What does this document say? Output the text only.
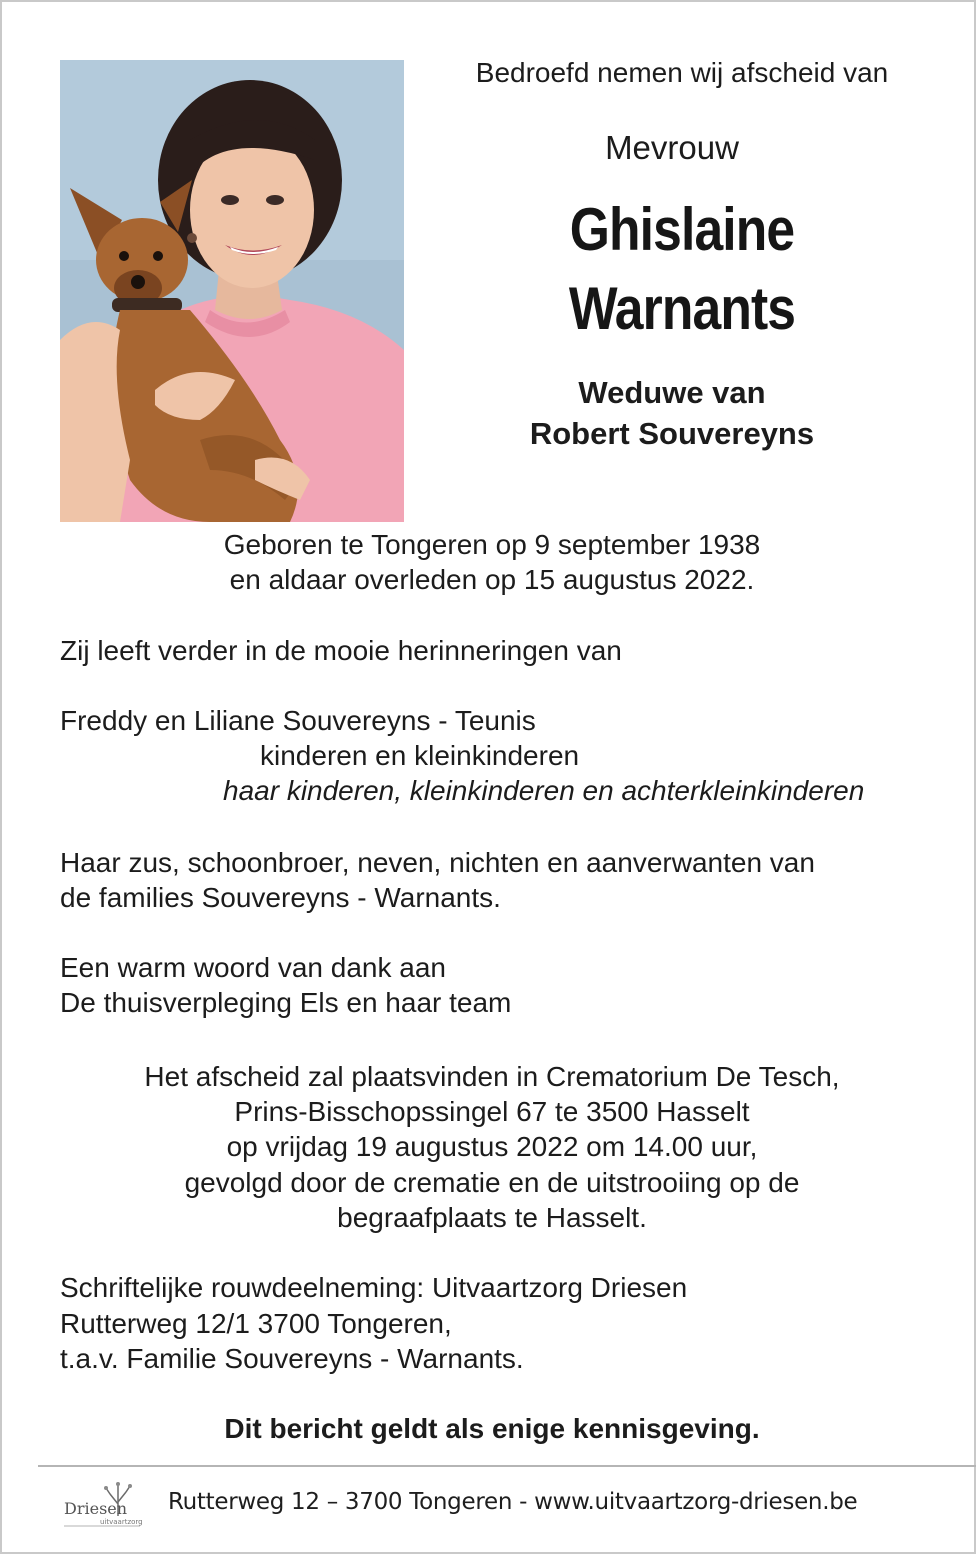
Bedroefd nemen wij afscheid van
Mevrouw
Ghislaine
Warnants
Weduwe van
Robert Souvereyns
Geboren te Tongeren op 9 september 1938
en aldaar overleden op 15 augustus 2022.
Zij leeft verder in de mooie herinneringen van
Freddy en Liliane Souvereyns - Teunis
kinderen en kleinkinderen
haar kinderen, kleinkinderen en achterkleinkinderen
Haar zus, schoonbroer, neven, nichten en aanverwanten van
de families Souvereyns - Warnants.
Een warm woord van dank aan
De thuisverpleging Els en haar team
Het afscheid zal plaatsvinden in Crematorium De Tesch,
Prins-Bisschopssingel 67 te 3500 Hasselt
op vrijdag 19 augustus 2022 om 14.00 uur,
gevolgd door de crematie en de uitstrooiing op de
begraafplaats te Hasselt.
Schriftelijke rouwdeelneming: Uitvaartzorg Driesen
Rutterweg 12/1 3700 Tongeren,
t.a.v. Familie Souvereyns - Warnants.
Dit bericht geldt als enige kennisgeving.
Driesen
uitvaartzorg
Rutterweg 12 – 3700 Tongeren - www.uitvaartzorg-driesen.be
